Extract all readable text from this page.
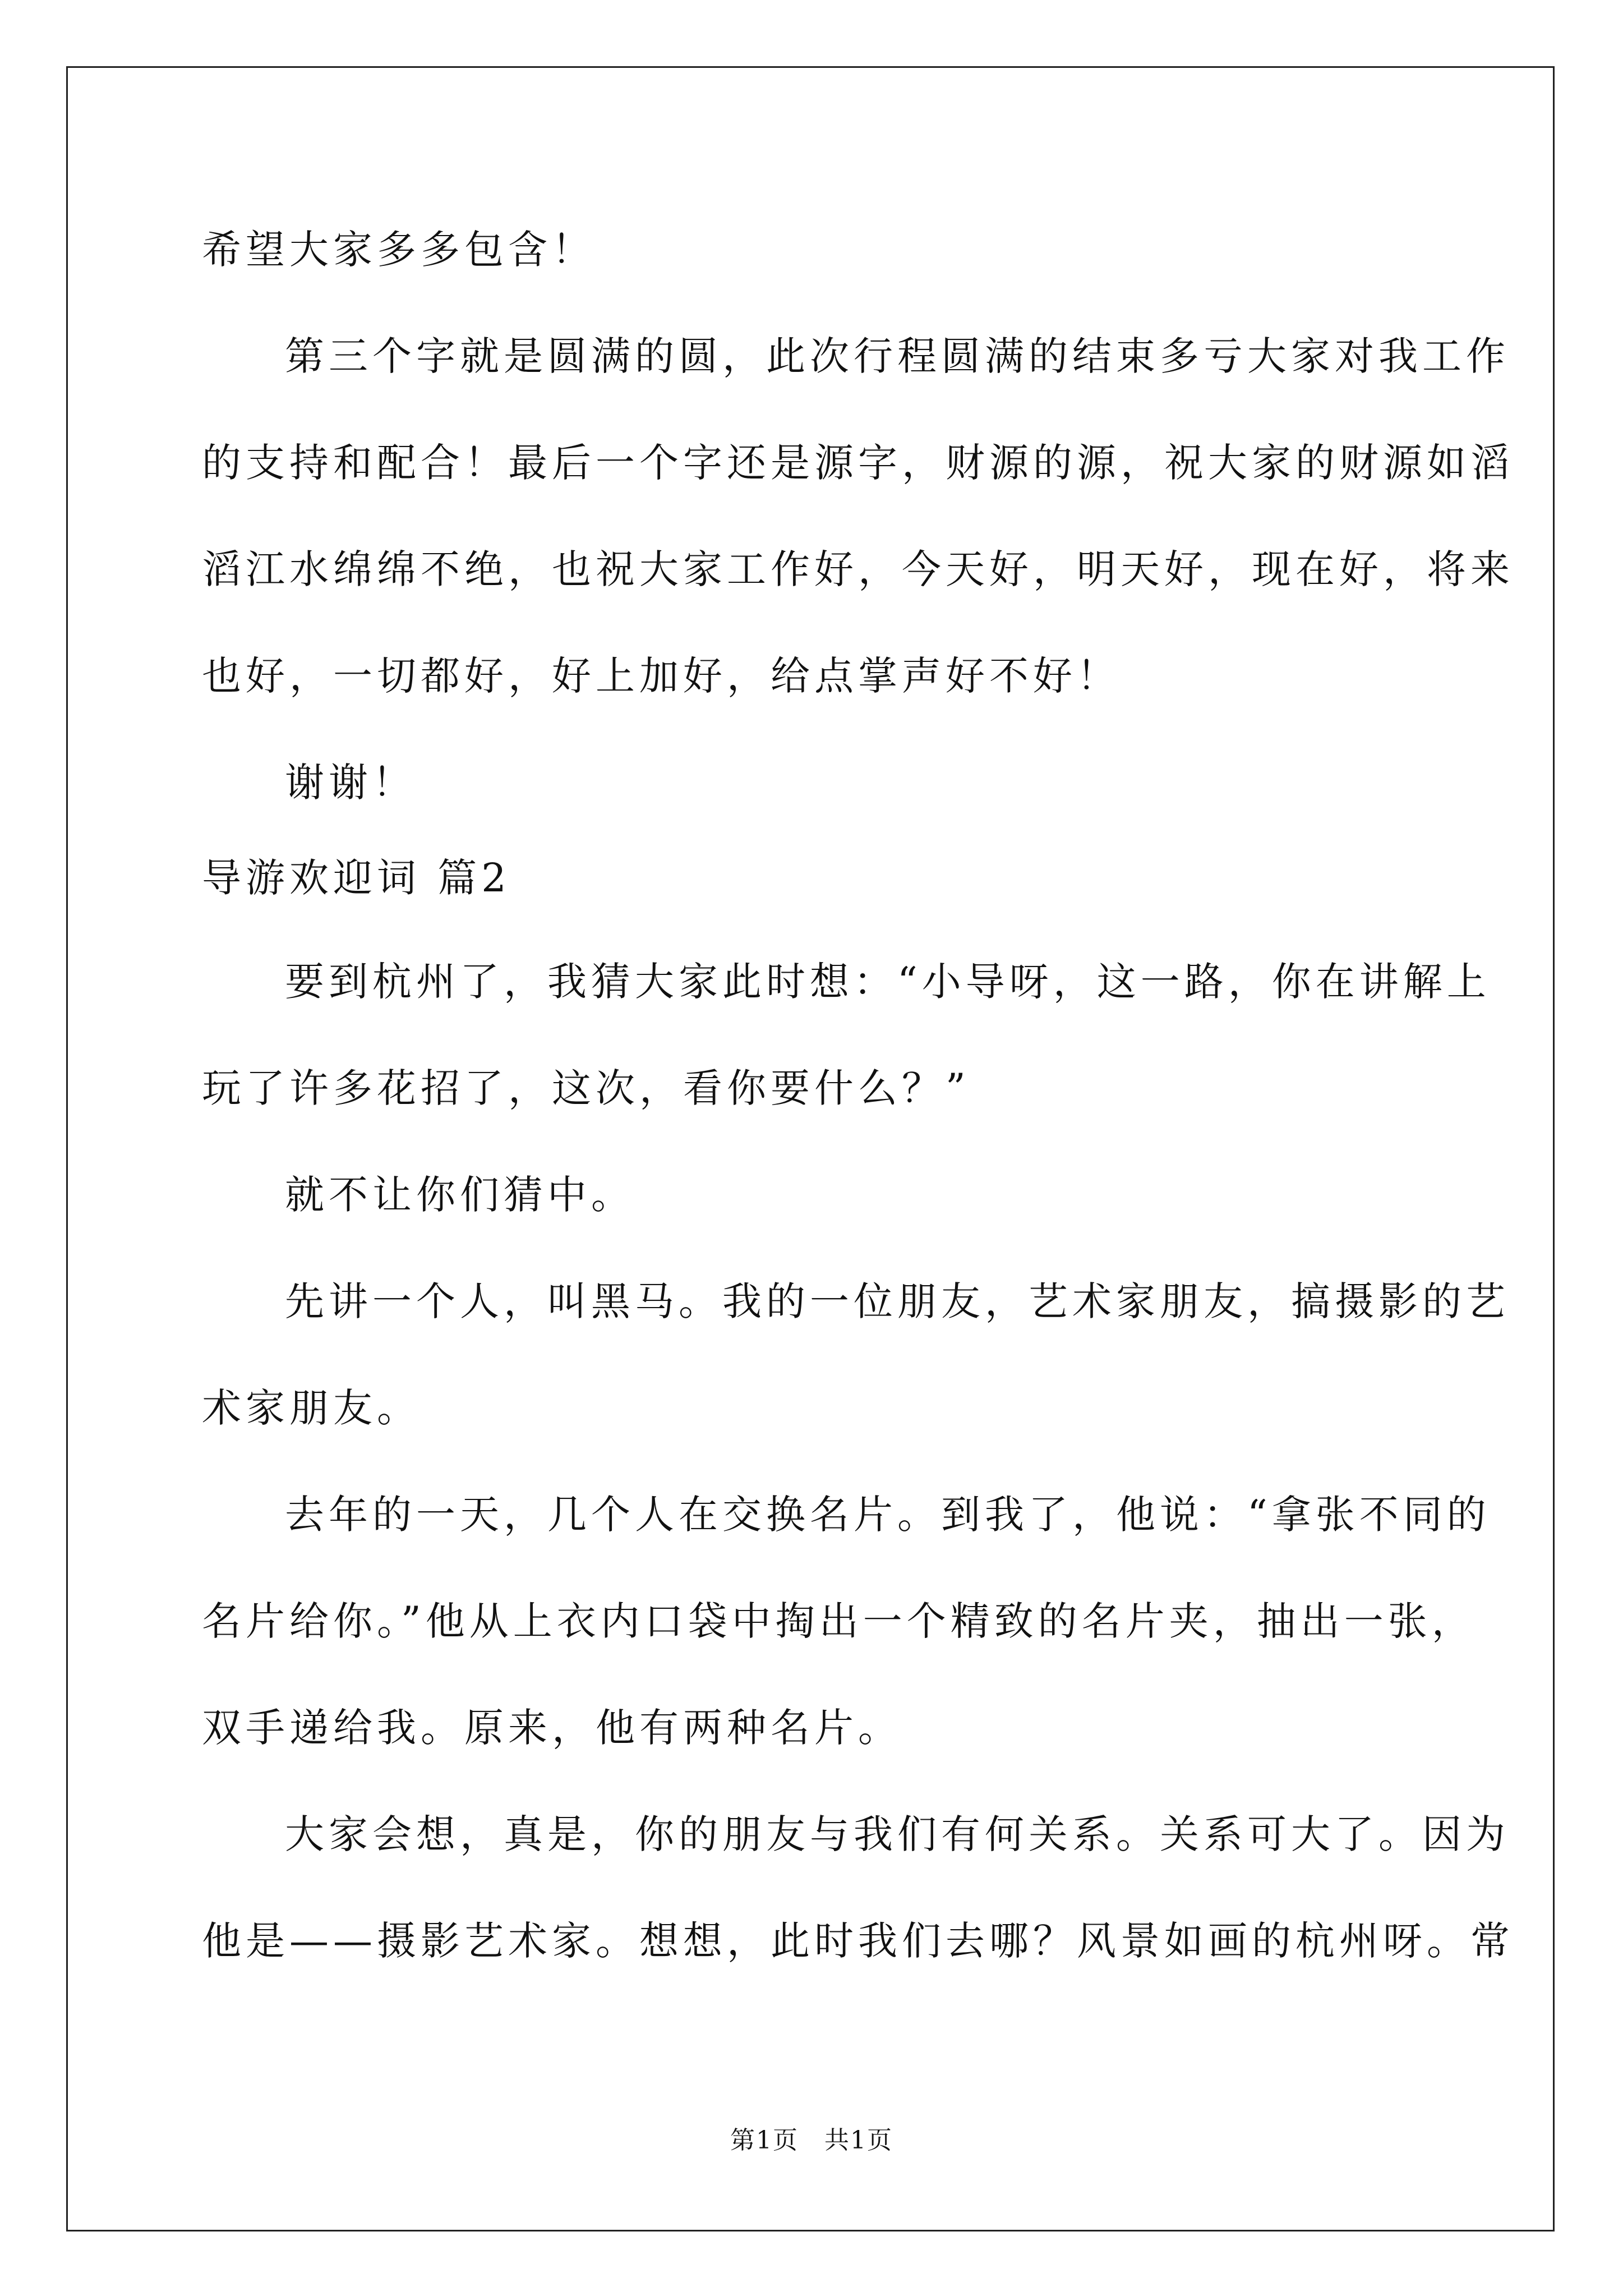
希望大家多多包含！
第三个字就是圆满的圆，此次行程圆满的结束多亏大家对我工作
的支持和配合！最后一个字还是源字，财源的源，祝大家的财源如滔
滔江水绵绵不绝，也祝大家工作好，今天好，明天好，现在好，将来
也好，一切都好，好上加好，给点掌声好不好！
谢谢！
导游欢迎词 篇2
要到杭州了，我猜大家此时想：“小导呀，这一路，你在讲解上
玩了许多花招了，这次，看你要什么？”
就不让你们猜中。
先讲一个人，叫黑马。我的一位朋友，艺术家朋友，搞摄影的艺
术家朋友。
去年的一天，几个人在交换名片。到我了，他说：“拿张不同的
名片给你。”他从上衣内口袋中掏出一个精致的名片夹，抽出一张，
双手递给我。原来，他有两种名片。
大家会想，真是，你的朋友与我们有何关系。关系可大了。因为
他是——摄影艺术家。想想，此时我们去哪？风景如画的杭州呀。常
第1页　共1页
